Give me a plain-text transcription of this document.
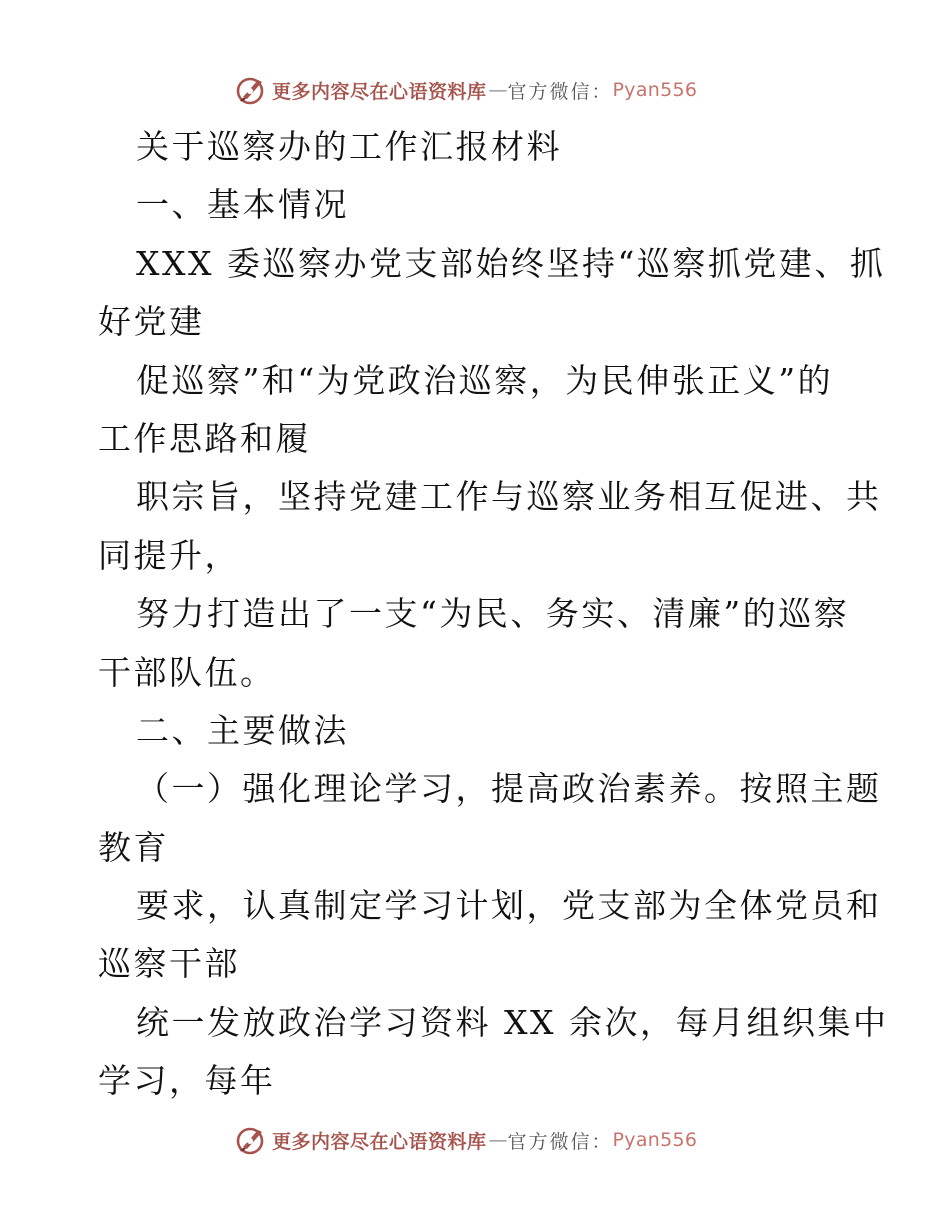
更多内容尽在心语资料库 — 官方微信： Pyan556
关于巡察办的工作汇报材料
一、基本情况
XXX 委巡察办党支部始终坚持“巡察抓党建、抓
好党建
促巡察”和“为党政治巡察，为民伸张正义”的
工作思路和履
职宗旨，坚持党建工作与巡察业务相互促进、共
同提升，
努力打造出了一支“为民、务实、清廉”的巡察
干部队伍。
二、主要做法
（一）强化理论学习，提高政治素养。按照主题
教育
要求，认真制定学习计划，党支部为全体党员和
巡察干部
统一发放政治学习资料 XX 余次，每月组织集中
学习，每年
更多内容尽在心语资料库 — 官方微信： Pyan556
